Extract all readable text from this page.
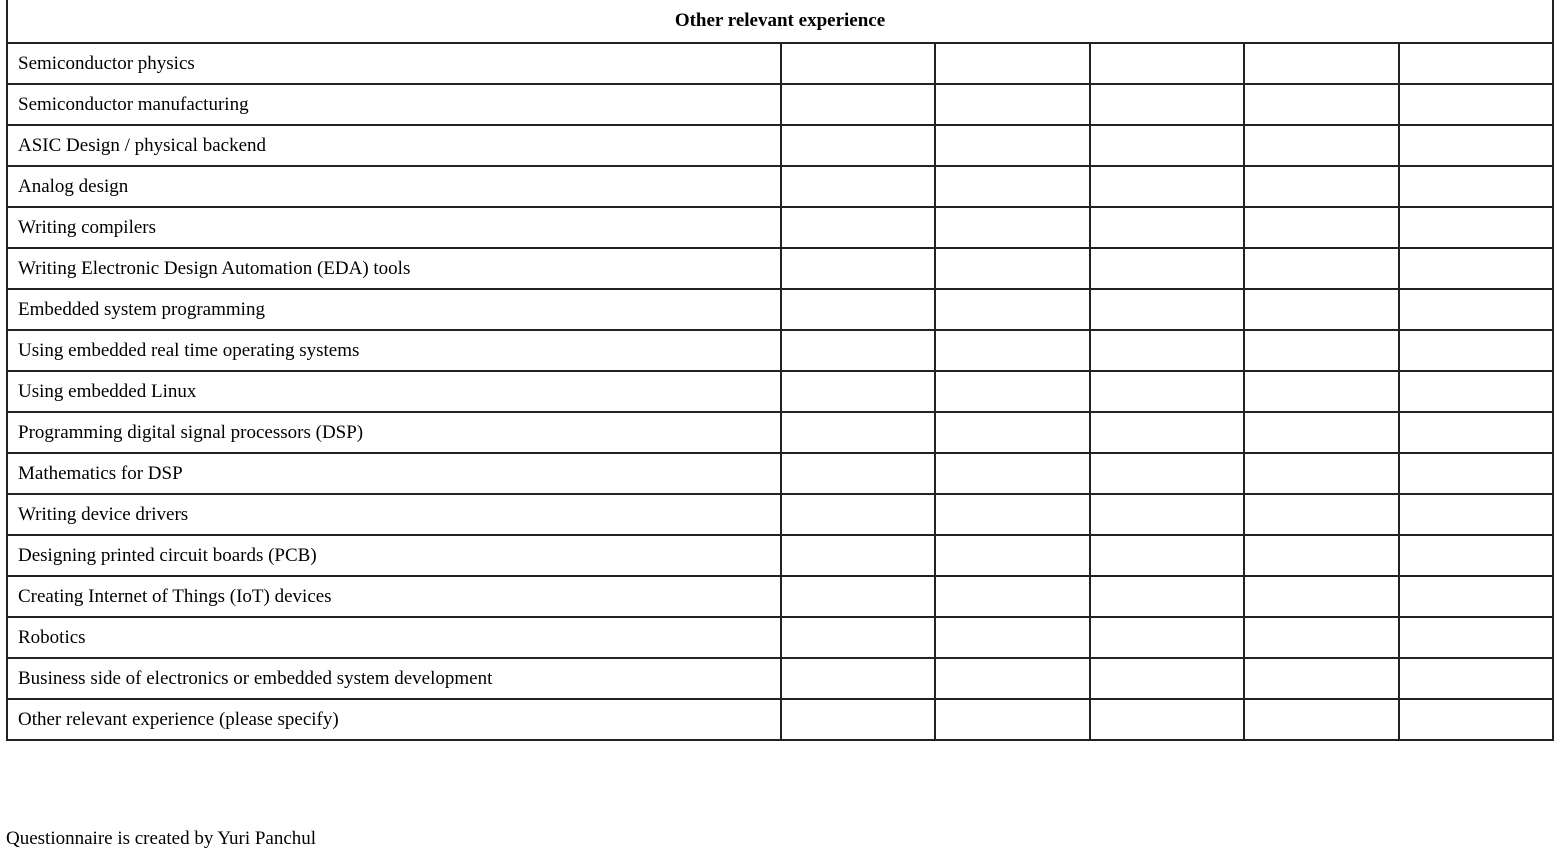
Other relevant experience					
Semiconductor physics					
Semiconductor manufacturing					
ASIC Design / physical backend					
Analog design					
Writing compilers					
Writing Electronic Design Automation (EDA) tools					
Embedded system programming					
Using embedded real time operating systems					
Using embedded Linux					
Programming digital signal processors (DSP)					
Mathematics for DSP					
Writing device drivers					
Designing printed circuit boards (PCB)					
Creating Internet of Things (IoT) devices					
Robotics					
Business side of electronics or embedded system development					
Other relevant experience (please specify)					
Questionnaire is created by Yuri Panchul
